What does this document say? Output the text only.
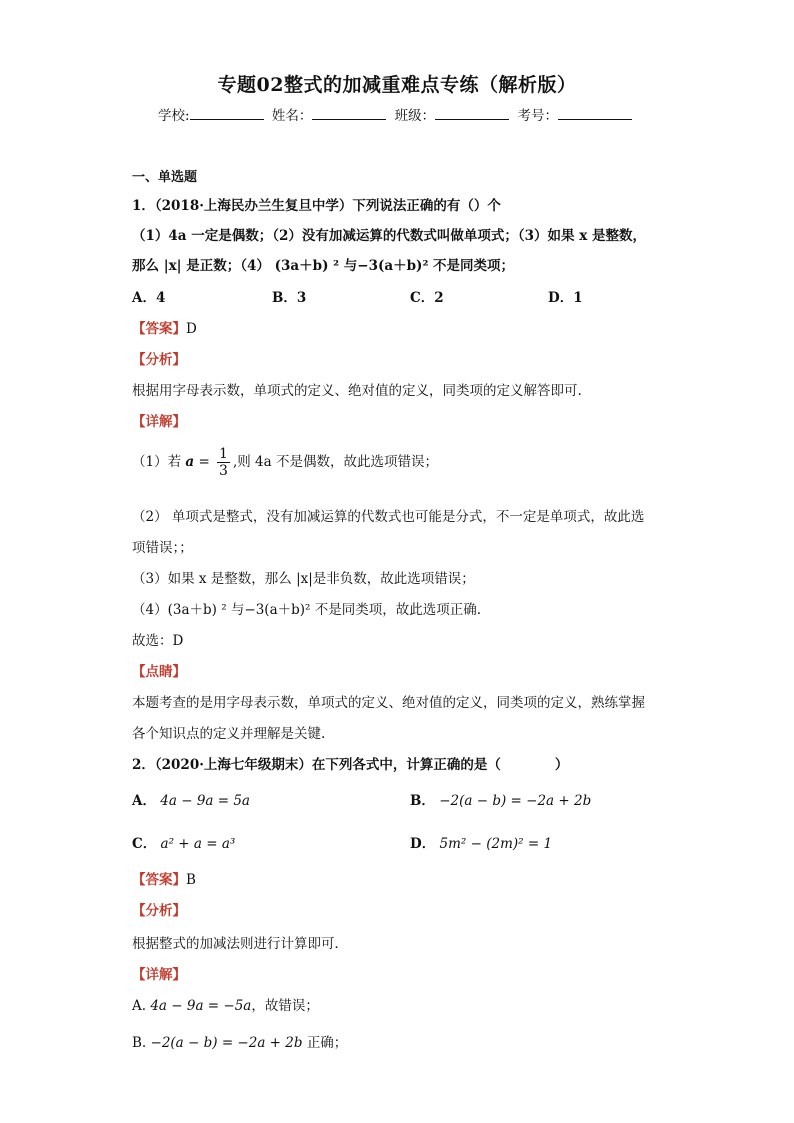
专题02整式的加减重难点专练（解析版）
学校:	姓名：	班级：	考号：
一、单选题
1．（2018·上海民办兰生复旦中学）下列说法正确的有（）个
（1）4a 一定是偶数；（2）没有加减运算的代数式叫做单项式；（3）如果 x 是整数，
那么 |x| 是正数；（4） (3a＋b) ² 与−3(a＋b)² 不是同类项；
A．4	B．3	C．2	D．1
【答案】D
【分析】
根据用字母表示数，单项式的定义、绝对值的定义，同类项的定义解答即可.
【详解】
（1）若 $a = \frac{1}{3}$ ,则 4a 不是偶数，故此选项错误；
（2） 单项式是整式，没有加减运算的代数式也可能是分式，不一定是单项式，故此选
项错误；；
（3）如果 x 是整数，那么 |x|是非负数，故此选项错误；
（4）(3a＋b) ² 与−3(a＋b)² 不是同类项，故此选项正确.
故选：D
【点睛】
本题考查的是用字母表示数，单项式的定义、绝对值的定义，同类项的定义，熟练掌握
各个知识点的定义并理解是关键.
2．（2020·上海七年级期末）在下列各式中，计算正确的是（　　　　）
A． 4a − 9a = 5a	B． −2(a − b) = −2a + 2b
C． a² + a = a³	D． 5m² − (2m)² = 1
【答案】B
【分析】
根据整式的加减法则进行计算即可．
【详解】
A. 4a − 9a = −5a，故错误；
B. −2(a − b) = −2a + 2b 正确；
